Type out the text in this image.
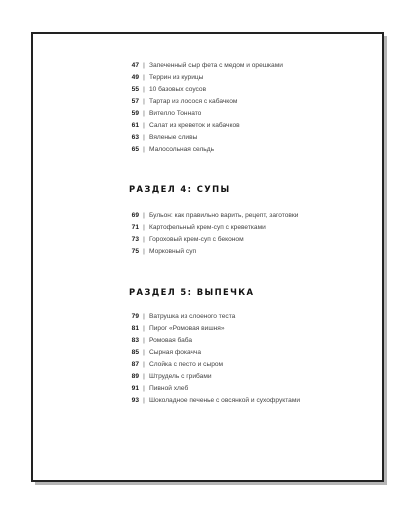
47 | Запеченный сыр фета с медом и орешками
49 | Террин из курицы
55 | 10 базовых соусов
57 | Тартар из лосося с кабачком
59 | Вителло Тоннато
61 | Салат из креветок и кабачков
63 | Вяленые сливы
65 | Малосольная сельдь
РАЗДЕЛ 4: СУПЫ
69 | Бульон: как правильно варить, рецепт, заготовки
71 | Картофельный крем-суп с креветками
73 | Гороховый крем-суп с беконом
75 | Морковный суп
РАЗДЕЛ 5: ВЫПЕЧКА
79 | Ватрушка из слоеного теста
81 | Пирог «Ромовая вишня»
83 | Ромовая баба
85 | Сырная фокачча
87 | Слойка с песто и сыром
89 | Штрудель с грибами
91 | Пивной хлеб
93 | Шоколадное печенье с овсянкой и сухофруктами
